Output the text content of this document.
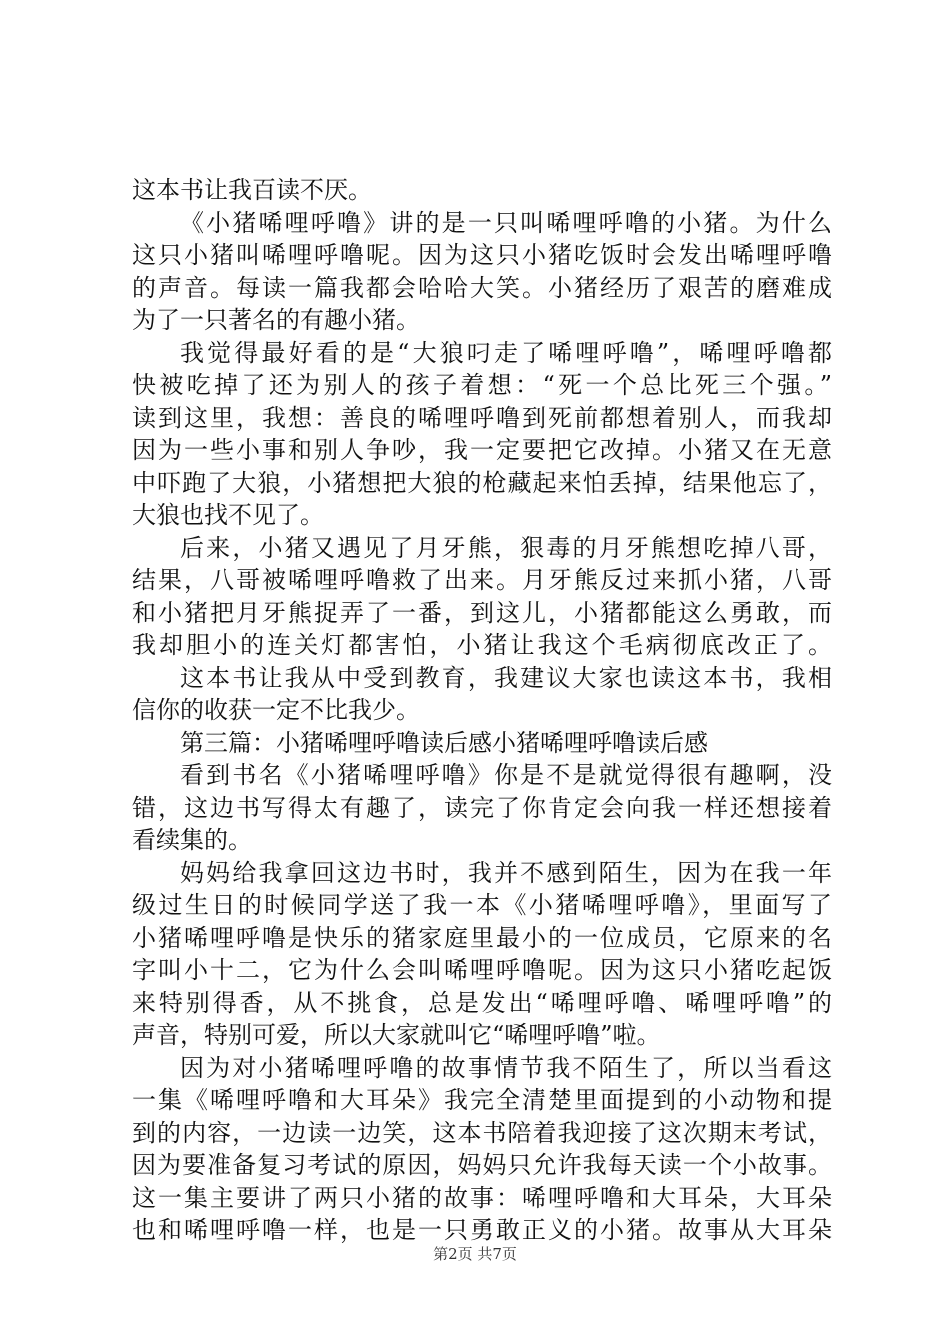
这本书让我百读不厌。
《小猪唏哩呼噜》讲的是一只叫唏哩呼噜的小猪。为什么
这只小猪叫唏哩呼噜呢。因为这只小猪吃饭时会发出唏哩呼噜
的声音。每读一篇我都会哈哈大笑。小猪经历了艰苦的磨难成
为了一只著名的有趣小猪。
我觉得最好看的是“大狼叼走了唏哩呼噜”，唏哩呼噜都
快被吃掉了还为别人的孩子着想：“死一个总比死三个强。”
读到这里，我想：善良的唏哩呼噜到死前都想着别人，而我却
因为一些小事和别人争吵，我一定要把它改掉。小猪又在无意
中吓跑了大狼，小猪想把大狼的枪藏起来怕丢掉，结果他忘了，
大狼也找不见了。
后来，小猪又遇见了月牙熊，狠毒的月牙熊想吃掉八哥，
结果，八哥被唏哩呼噜救了出来。月牙熊反过来抓小猪，八哥
和小猪把月牙熊捉弄了一番，到这儿，小猪都能这么勇敢，而
我却胆小的连关灯都害怕，小猪让我这个毛病彻底改正了。
这本书让我从中受到教育，我建议大家也读这本书，我相
信你的收获一定不比我少。
第三篇：小猪唏哩呼噜读后感小猪唏哩呼噜读后感
看到书名《小猪唏哩呼噜》你是不是就觉得很有趣啊，没
错，这边书写得太有趣了，读完了你肯定会向我一样还想接着
看续集的。
妈妈给我拿回这边书时，我并不感到陌生，因为在我一年
级过生日的时候同学送了我一本《小猪唏哩呼噜》，里面写了
小猪唏哩呼噜是快乐的猪家庭里最小的一位成员，它原来的名
字叫小十二，它为什么会叫唏哩呼噜呢。因为这只小猪吃起饭
来特别得香，从不挑食，总是发出“唏哩呼噜、唏哩呼噜”的
声音，特别可爱，所以大家就叫它“唏哩呼噜”啦。
因为对小猪唏哩呼噜的故事情节我不陌生了，所以当看这
一集《唏哩呼噜和大耳朵》我完全清楚里面提到的小动物和提
到的内容，一边读一边笑，这本书陪着我迎接了这次期末考试，
因为要准备复习考试的原因，妈妈只允许我每天读一个小故事。
这一集主要讲了两只小猪的故事：唏哩呼噜和大耳朵，大耳朵
也和唏哩呼噜一样，也是一只勇敢正义的小猪。故事从大耳朵
第2页 共7页
